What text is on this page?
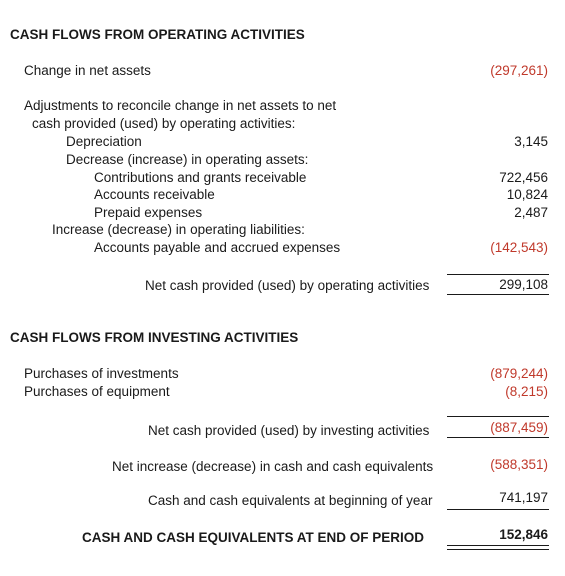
CASH FLOWS FROM OPERATING ACTIVITIES
Change in net assets	(297,261)
Adjustments to reconcile change in net assets to net
cash provided (used) by operating activities:
Depreciation	3,145
Decrease (increase) in operating assets:
Contributions and grants receivable	722,456
Accounts receivable	10,824
Prepaid expenses	2,487
Increase (decrease) in operating liabilities:
Accounts payable and accrued expenses	(142,543)
Net cash provided (used) by operating activities	299,108
CASH FLOWS FROM INVESTING ACTIVITIES
Purchases of investments	(879,244)
Purchases of equipment	(8,215)
Net cash provided (used) by investing activities	(887,459)
Net increase (decrease) in cash and cash equivalents	(588,351)
Cash and cash equivalents at beginning of year	741,197
CASH AND CASH EQUIVALENTS AT END OF PERIOD	152,846
